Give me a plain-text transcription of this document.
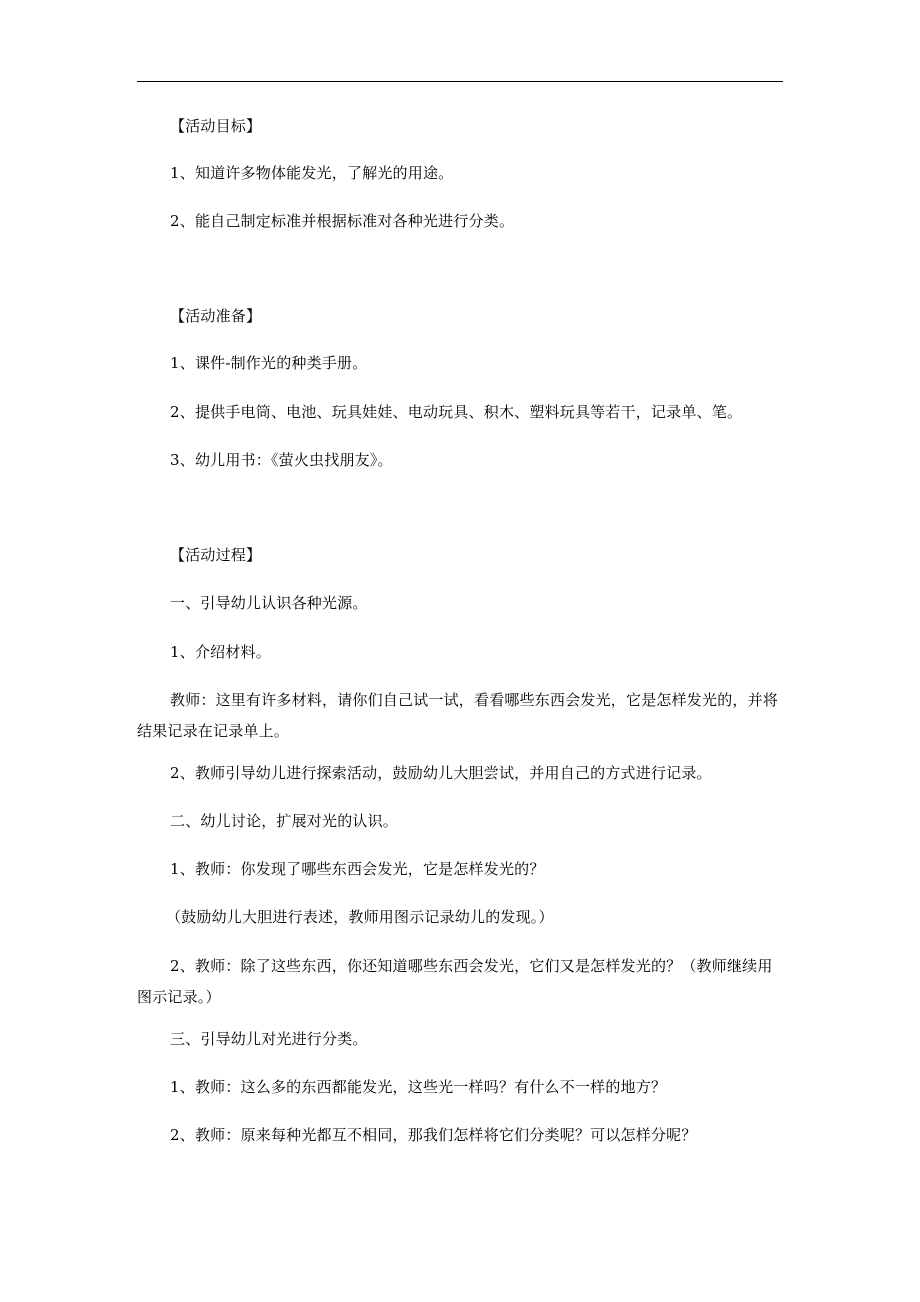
【活动目标】
1、知道许多物体能发光，了解光的用途。
2、能自己制定标准并根据标准对各种光进行分类。
【活动准备】
1、课件-制作光的种类手册。
2、提供手电筒、电池、玩具娃娃、电动玩具、积木、塑料玩具等若干，记录单、笔。
3、幼儿用书：《萤火虫找朋友》。
【活动过程】
一、引导幼儿认识各种光源。
1、介绍材料。
教师：这里有许多材料，请你们自己试一试，看看哪些东西会发光，它是怎样发光的，并将结果记录在记录单上。
2、教师引导幼儿进行探索活动，鼓励幼儿大胆尝试，并用自己的方式进行记录。
二、幼儿讨论，扩展对光的认识。
1、教师：你发现了哪些东西会发光，它是怎样发光的？
（鼓励幼儿大胆进行表述，教师用图示记录幼儿的发现。）
2、教师：除了这些东西，你还知道哪些东西会发光，它们又是怎样发光的？（教师继续用图示记录。）
三、引导幼儿对光进行分类。
1、教师：这么多的东西都能发光，这些光一样吗？有什么不一样的地方？
2、教师：原来每种光都互不相同，那我们怎样将它们分类呢？可以怎样分呢？
